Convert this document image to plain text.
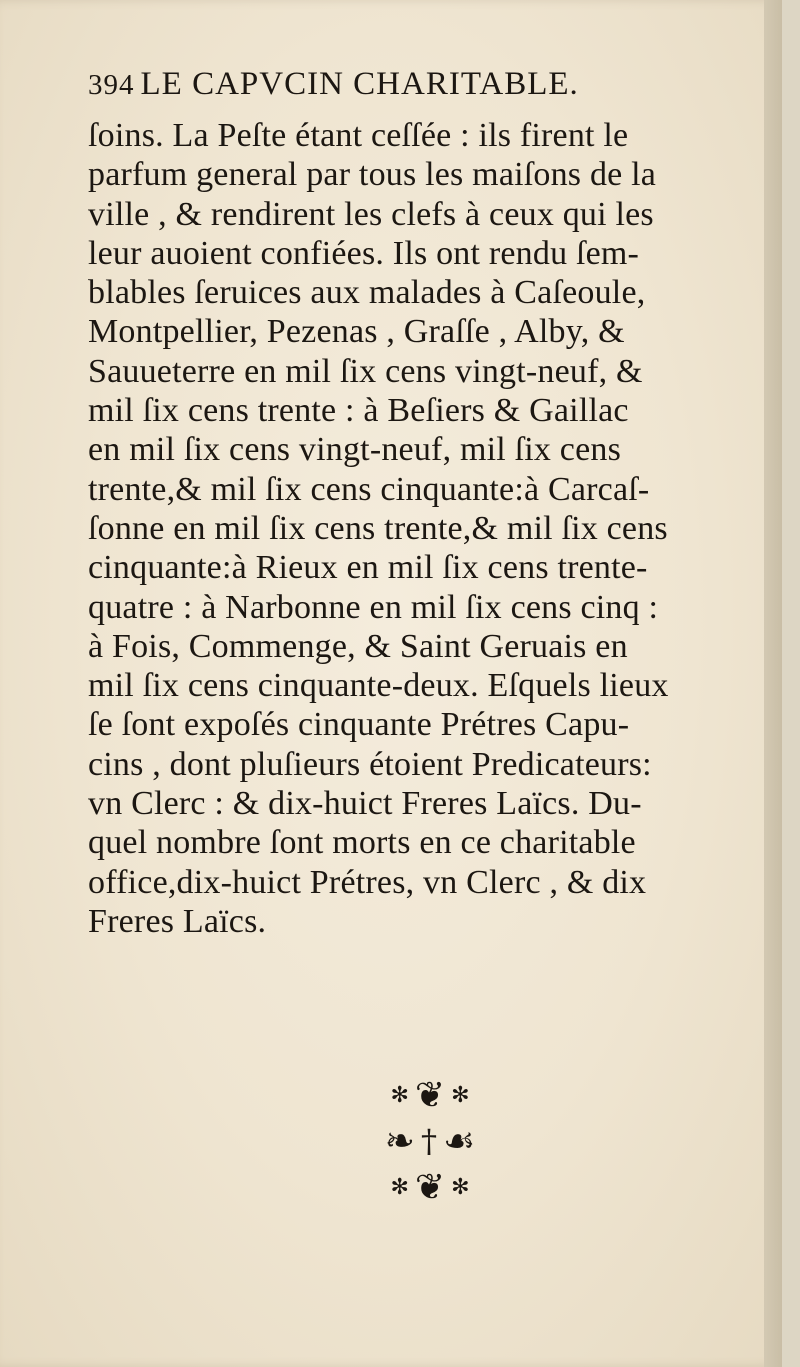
394 LE CAPVCIN CHARITABLE.
ſoins. La Peſte étant ceſſée : ils firent le
parfum general par tous les maiſons de la
ville , & rendirent les clefs à ceux qui les
leur auoient confiées. Ils ont rendu ſem-
blables ſeruices aux malades à Caſeoule,
Montpellier, Pezenas , Graſſe , Alby, &
Sauueterre en mil ſix cens vingt-neuf, &
mil ſix cens trente : à Beſiers & Gaillac
en mil ſix cens vingt-neuf, mil ſix cens
trente,& mil ſix cens cinquante:à Carcaſ-
ſonne en mil ſix cens trente,& mil ſix cens
cinquante:à Rieux en mil ſix cens trente-
quatre : à Narbonne en mil ſix cens cinq :
à Fois, Commenge, & Saint Geruais en
mil ſix cens cinquante-deux. Eſquels lieux
ſe ſont expoſés cinquante Prétres Capu-
cins , dont pluſieurs étoient Predicateurs:
vn Clerc : & dix-huict Freres Laïcs. Du-
quel nombre ſont morts en ce charitable
office,dix-huict Prétres, vn Clerc , & dix
Freres Laïcs.
✻ ❦ ✻
❧ † ☙
✻ ❦ ✻
